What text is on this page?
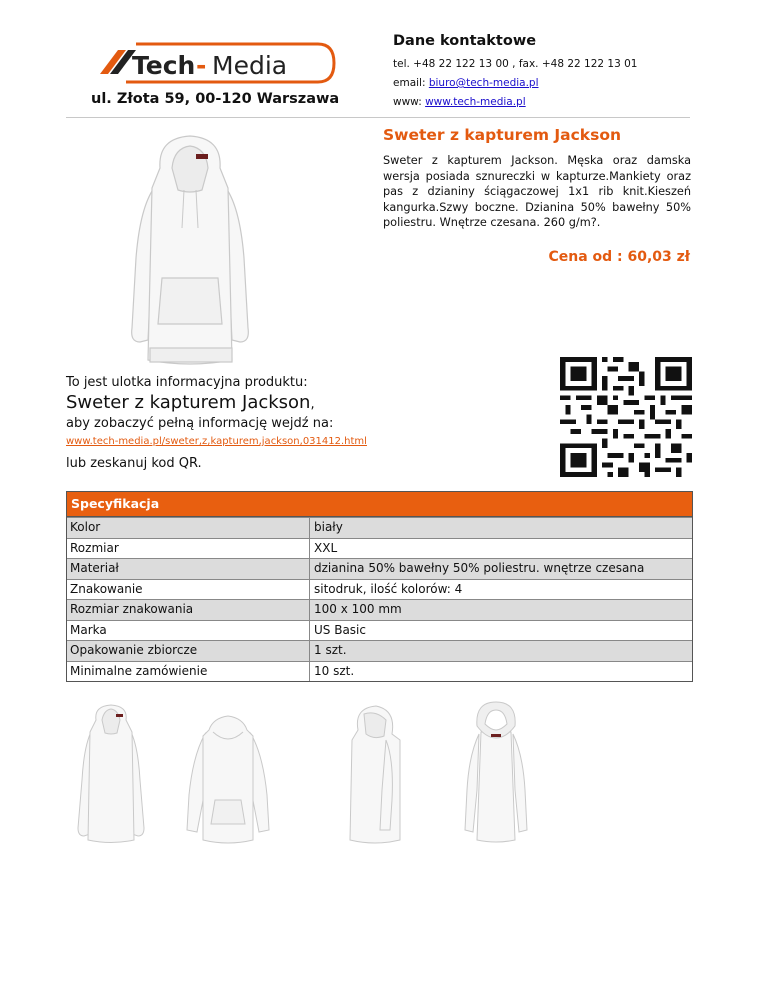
Tech - Media
ul. Złota 59, 00-120 Warszawa
Dane kontaktowe
tel. +48 22 122 13 00 , fax. +48 22 122 13 01
email: biuro@tech-media.pl
www: www.tech-media.pl
Sweter z kapturem Jackson
Sweter z kapturem Jackson. Męska oraz damska wersja posiada sznureczki w kapturze.Mankiety oraz pas z dzianiny ściągaczowej 1x1 rib knit.Kieszeń kangurka.Szwy boczne. Dzianina 50% bawełny 50% poliestru. Wnętrze czesana. 260 g/m?.
Cena od : 60,03 zł
To jest ulotka informacyjna produktu:
Sweter z kapturem Jackson,
aby zobaczyć pełną informację wejdź na:
www.tech-media.pl/sweter,z,kapturem,jackson,031412.html
lub zeskanuj kod QR.
Specyfikacja
Kolor	biały
Rozmiar	XXL
Materiał	dzianina 50% bawełny 50% poliestru. wnętrze czesana
Znakowanie	sitodruk, ilość kolorów: 4
Rozmiar znakowania	100 x 100 mm
Marka	US Basic
Opakowanie zbiorcze	1 szt.
Minimalne zamówienie	10 szt.
